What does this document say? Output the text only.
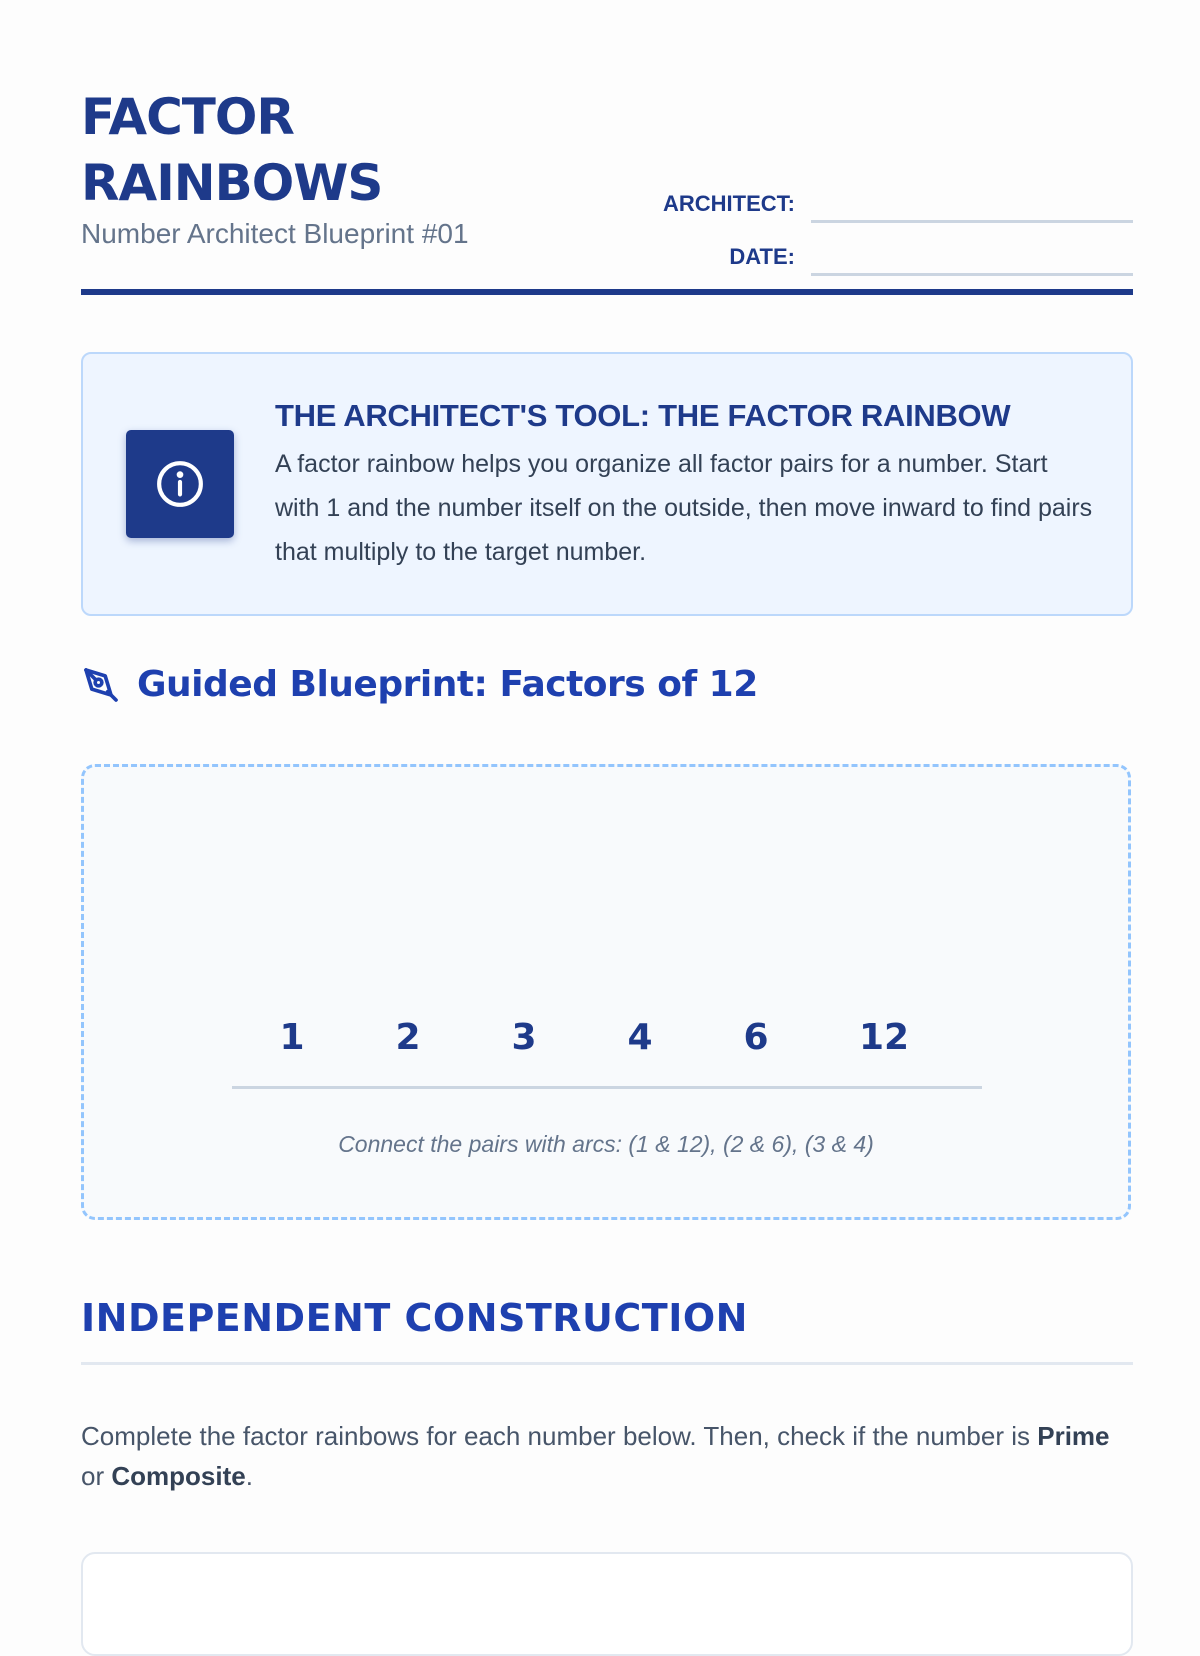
FACTOR
RAINBOWS
Number Architect Blueprint #01
ARCHITECT:
DATE:
THE ARCHITECT'S TOOL: THE FACTOR RAINBOW

A factor rainbow helps you organize all factor pairs for a number. Start with 1 and the number itself on the outside, then move inward to find pairs that multiply to the target number.

Guided Blueprint: Factors of 12
1	2	3	4	6	12
Connect the pairs with arcs: (1 & 12), (2 & 6), (3 & 4)
INDEPENDENT CONSTRUCTION

Complete the factor rainbows for each number below. Then, check if the number is Prime or Composite.
